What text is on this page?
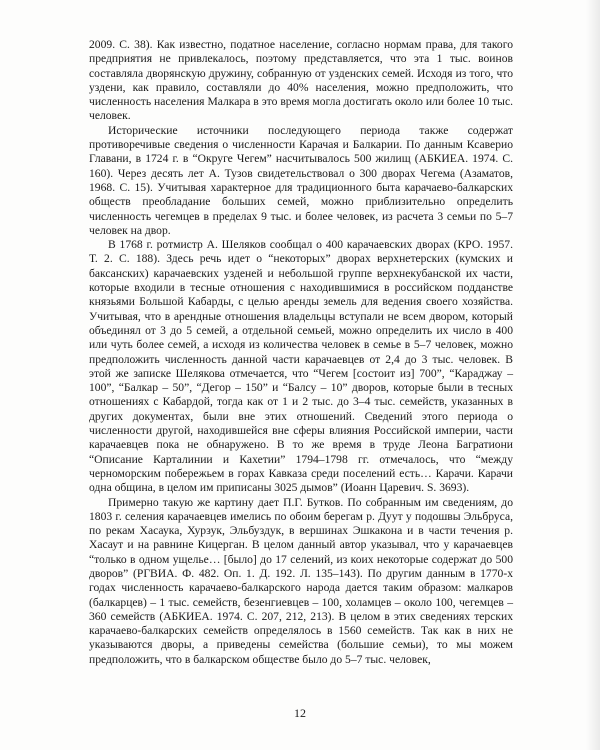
2009. С. 38). Как известно, податное население, согласно нормам права, для такого предприятия не привлекалось, поэтому представляется, что эта 1 тыс. воинов составляла дворянскую дружину, собранную от узденских семей. Исходя из того, что уздени, как правило, составляли до 40% населения, можно предположить, что численность населения Малкара в это время могла достигать около или более 10 тыс. человек.

Исторические источники последующего периода также содержат противоречивые сведения о численности Карачая и Балкарии. По данным Ксаверио Главани, в 1724 г. в “Округе Чегем” насчитывалось 500 жилищ (АБКИЕА. 1974. С. 160). Через десять лет А. Тузов свидетельствовал о 300 дворах Чегема (Азаматов, 1968. С. 15). Учитывая характерное для традиционного быта карачаево-балкарских обществ преобладание больших семей, можно приблизительно определить численность чегемцев в пределах 9 тыс. и более человек, из расчета 3 семьи по 5–7 человек на двор.

В 1768 г. ротмистр А. Шеляков сообщал о 400 карачаевских дворах (КРО. 1957. Т. 2. С. 188). Здесь речь идет о “некоторых” дворах верхнетерских (кумских и баксанских) карачаевских узденей и небольшой группе верхнекубанской их части, которые входили в тесные отношения с находившимися в российском подданстве князьями Большой Кабарды, с целью аренды земель для ведения своего хозяйства. Учитывая, что в арендные отношения владельцы вступали не всем двором, который объединял от 3 до 5 семей, а отдельной семьей, можно определить их число в 400 или чуть более семей, а исходя из количества человек в семье в 5–7 человек, можно предположить численность данной части карачаевцев от 2,4 до 3 тыс. человек. В этой же записке Шелякова отмечается, что “Чегем [состоит из] 700”, “Караджау – 100”, “Балкар – 50”, “Дегор – 150” и “Балсу – 10” дворов, которые были в тесных отношениях с Кабардой, тогда как от 1 и 2 тыс. до 3–4 тыс. семейств, указанных в других документах, были вне этих отношений. Сведений этого периода о численности другой, находившейся вне сферы влияния Российской империи, части карачаевцев пока не обнаружено. В то же время в труде Леона Багратиони “Описание Карталинии и Кахетии” 1794–1798 гг. отмечалось, что “между черноморским побережьем в горах Кавказа среди поселений есть… Карачи. Карачи одна община, в целом им приписаны 3025 дымов” (Иоанн Царевич. S. 3693).

Примерно такую же картину дает П.Г. Бутков. По собранным им сведениям, до 1803 г. селения карачаевцев имелись по обоим берегам р. Дуут у подошвы Эльбруса, по рекам Хасаука, Хурзук, Эльбуздук, в вершинах Эшкакона и в части течения р. Хасаут и на равнине Кицерган. В целом данный автор указывал, что у карачаевцев “только в одном ущелье… [было] до 17 селений, из коих некоторые содержат до 500 дворов” (РГВИА. Ф. 482. Оп. 1. Д. 192. Л. 135–143). По другим данным в 1770-х годах численность карачаево-балкарского народа дается таким образом: малкаров (балкарцев) – 1 тыс. семейств, безенгиевцев – 100, холамцев – около 100, чегемцев – 360 семейств (АБКИЕА. 1974. С. 207, 212, 213). В целом в этих сведениях терских карачаево-балкарских семейств определялось в 1560 семейств. Так как в них не указываются дворы, а приведены семейства (большие семьи), то мы можем предположить, что в балкарском обществе было до 5–7 тыс. человек,

12
